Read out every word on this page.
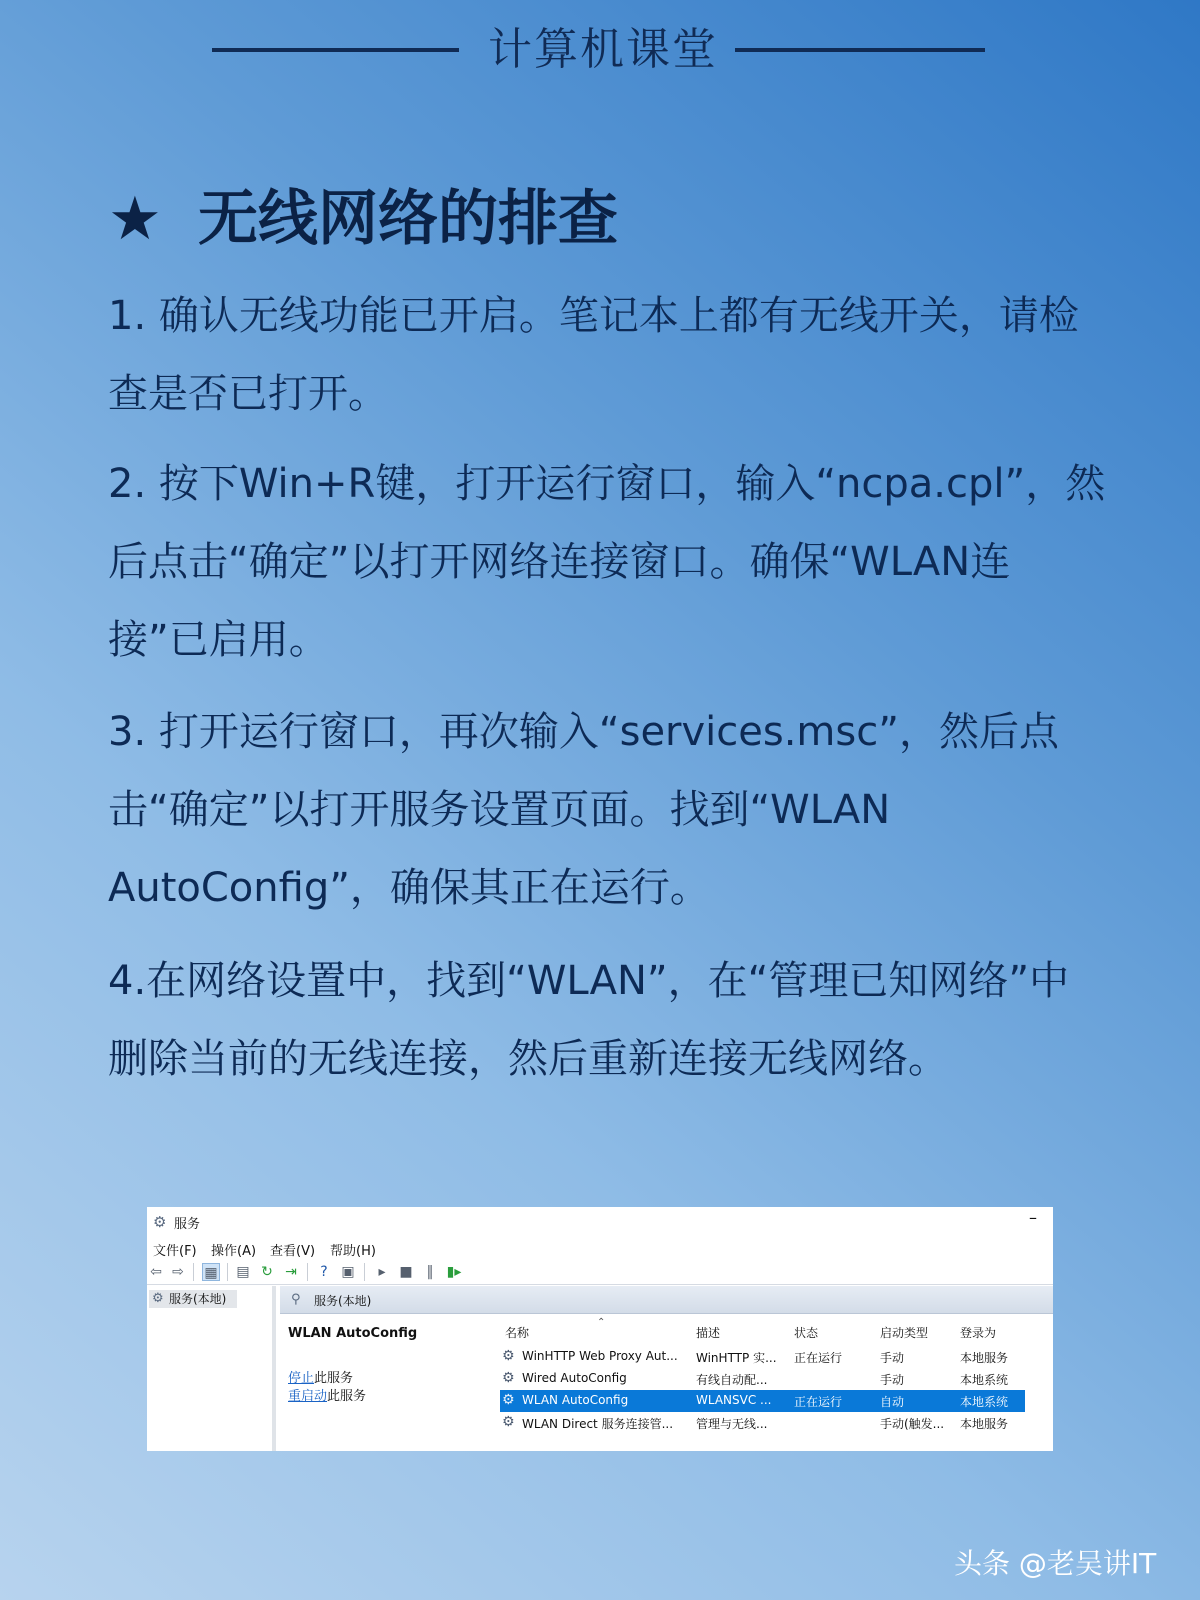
计算机课堂
★ 无线网络的排查
1. 确认无线功能已开启。笔记本上都有无线开关，请检查是否已打开。
2. 按下Win+R键，打开运行窗口，输入“ncpa.cpl”，然后点击“确定”以打开网络连接窗口。确保“WLAN连接”已启用。
3. 打开运行窗口，再次输入“services.msc”，然后点击“确定”以打开服务设置页面。找到“WLAN AutoConfig”，确保其正在运行。
4.在网络设置中，找到“WLAN”，在“管理已知网络”中删除当前的无线连接，然后重新连接无线网络。
⚙ 服务	–
文件(F) 操作(A) 查看(V) 帮助(H)
⇦ ⇨ ▦ ▤ ↻ ⇥	? ▣	▸ ■ ‖ ▮▸
⚙ 服务(本地)	⚲ 服务(本地)
WLAN AutoConfig
停止此服务
重启动此服务
⌃
名称	描述	状态	启动类型	登录为
⚙ WinHTTP Web Proxy Aut...	WinHTTP 实...	正在运行	手动	本地服务
⚙ Wired AutoConfig	有线自动配...	手动	本地系统
⚙ WLAN AutoConfig	WLANSVC ...	正在运行	自动	本地系统
⚙ WLAN Direct 服务连接管...	管理与无线...	手动(触发...	本地服务
头条 @老吴讲IT
